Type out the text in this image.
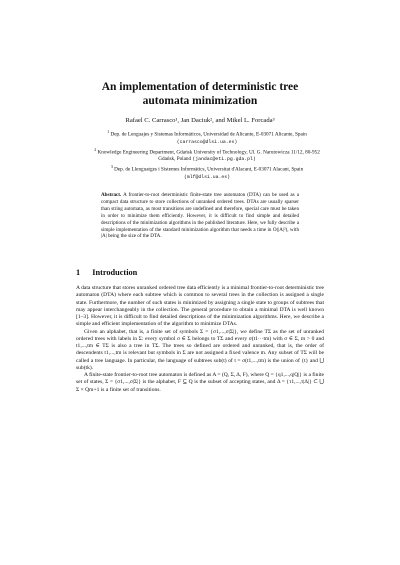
An implementation of deterministic tree
automata minimization
Rafael C. Carrasco¹, Jan Daciuk², and Mikel L. Forcada³
$^1$ Dep. de Lenguajes y Sistemas Informáticos, Universidad de Alicante, E-03071 Alicante, Spain (carrasco@dlsi.ua.es)
$^2$ Knowledge Engineering Department, Gdańsk University of Technology, Ul. G. Narutowicza 11/12, 80-952 Gdańsk, Poland (jandac@eti.pg.gda.pl)
$^3$ Dep. de Llenguatges i Sistemes Informàtics, Universitat d'Alacant, E-03071 Alacant, Spain (mlf@dlsi.ua.es)
Abstract. A frontier-to-root deterministic finite-state tree automaton (DTA) can be used as a compact data structure to store collections of unranked ordered trees. DTAs are usually sparser than string automata, as most transitions are undefined and therefore, special care must be taken in order to minimize them efficiently. However, it is difficult to find simple and detailed descriptions of the minimization algorithms in the published literature. Here, we fully describe a simple implementation of the standard minimization algorithm that needs a time in O(|A|²), with |A| being the size of the DTA.
1 Introduction

A data structure that stores unranked ordered tree data efficiently is a minimal frontier-to-root deterministic tree automaton (DTA) where each subtree which is common to several trees in the collection is assigned a single state. Furthermore, the number of such states is minimized by assigning a single state to groups of subtrees that may appear interchangeably in the collection. The general procedure to obtain a minimal DTA is well known [1–3]. However, it is difficult to find detailed descriptions of the minimization algorithms. Here, we describe a simple and efficient implementation of the algorithm to minimize DTAs.

Given an alphabet, that is, a finite set of symbols Σ = {σ1,...,σ|Σ|}, we define TΣ as the set of unranked ordered trees with labels in Σ: every symbol σ ∈ Σ belongs to TΣ and every σ(t1···tm) with σ ∈ Σ, m > 0 and t1,...,tm ∈ TΣ is also a tree in TΣ. The trees so defined are ordered and unranked, that is, the order of descendents t1,...,tm is relevant but symbols in Σ are not assigned a fixed valence m. Any subset of TΣ will be called a tree language. In particular, the language of subtrees sub(t) of t = σ(t1,...,tm) is the union of {t} and ⋃ sub(tk).

A finite-state frontier-to-root tree automaton is defined as A = (Q, Σ, Δ, F), where Q = {q1,...,q|Q|} is a finite set of states, Σ = {σ1,...,σ|Σ|} is the alphabet, F ⊆ Q is the subset of accepting states, and Δ = {τ1,...,τ|Δ|} ⊂ ⋃ Σ × Qm+1 is a finite set of transitions.
